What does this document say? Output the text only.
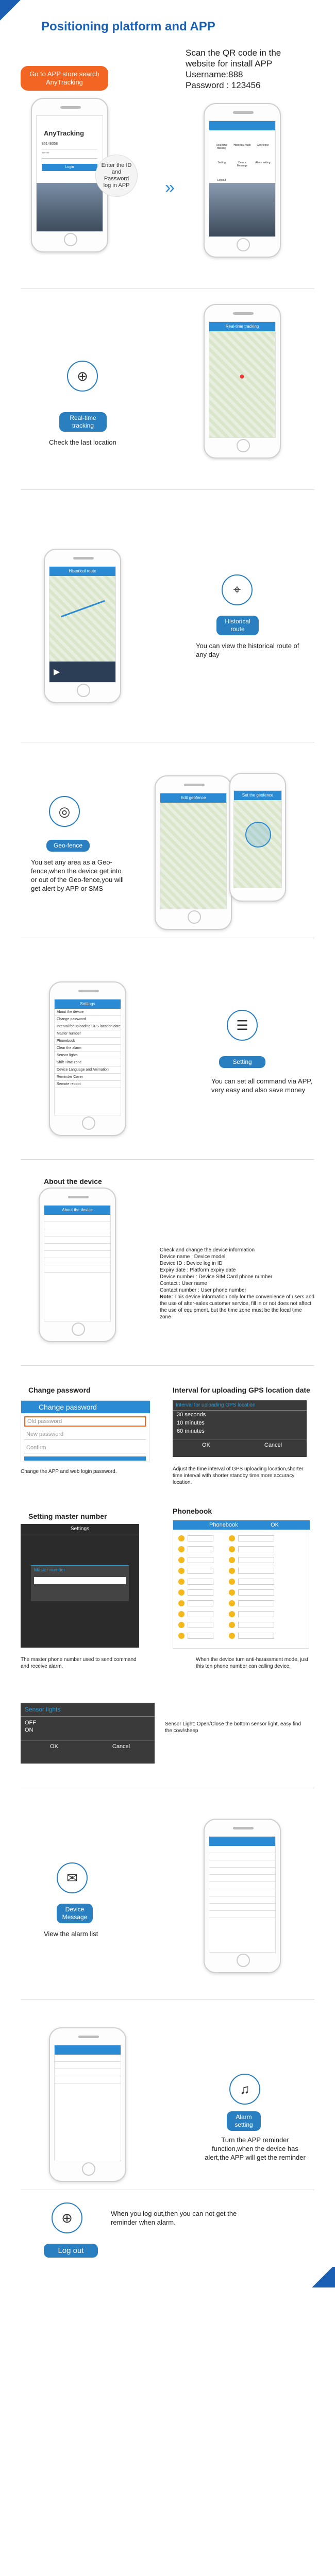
Positioning platform and APP
Go to APP store search AnyTracking
Scan the QR code in the
website for install APP
Username:888
Password : 123456
AnyTracking
86148058
••••••
Login	Enter the ID and Password log in APP	»
Real-time tracking
Historical route	Geo-fence
Setting	Device Message
Alarm setting
Log out
⊕
Real-time tracking
Check the last location
Real-time tracking
●
Historical route
▶
⌖
Historical route
You can view the historical route of any day
◎
Geo-fence
You set any area as a Geo-fence,when the device get into or out of the Geo-fence,you will get alert by APP or SMS
Edit geofence
Set the geofence
Settings
About the device
Change password
Interval for uploading GPS location date
Master number
Phonebook
Clear the alarm
Sensor lights
Shift Time zone
Device Language and Animation
Reminder Cover
Remote reboot
☰
Setting
You can set all command via APP, very easy and also save money
About the device
About the device
Check and change the device information
Device name : Device model
Device ID : Device log in ID
Expiry date : Platform expiry date
Device number : Device SIM Card phone number
Contact : User name
Contact number : User phone number
Note: This device information only for the convenience of users and the use of after-sales customer service, fill in or not does not affect the use of equipment, but the time zone must be the local time zone
Change password
Change password
Old password
New password
Confirm
Change the APP and web login password.
Interval for uploading GPS location date
Interval for uploading GPS location
30 seconds
10 minutes
60 minutes
OK	Cancel
Adjust the time interval of GPS uploading location,shorter time interval with shorter standby time,more accuracy location.
Setting master number
Settings
Master number
The master phone number used to send command and receive alarm.
Phonebook
Phonebook	OK
When the device turn anti-harassment mode, just this ten phone number can calling device.
Sensor lights
OFF
ON
OK	Cancel
Sensor Light: Open/Close the bottom sensor light, easy find the cow/sheep
✉
Device Message
View the alarm list
♫
Alarm setting
Turn the APP reminder function,when the device has alert,the APP will get the reminder
⊕	When you log out,then you can not get the reminder when alarm.
Log out
